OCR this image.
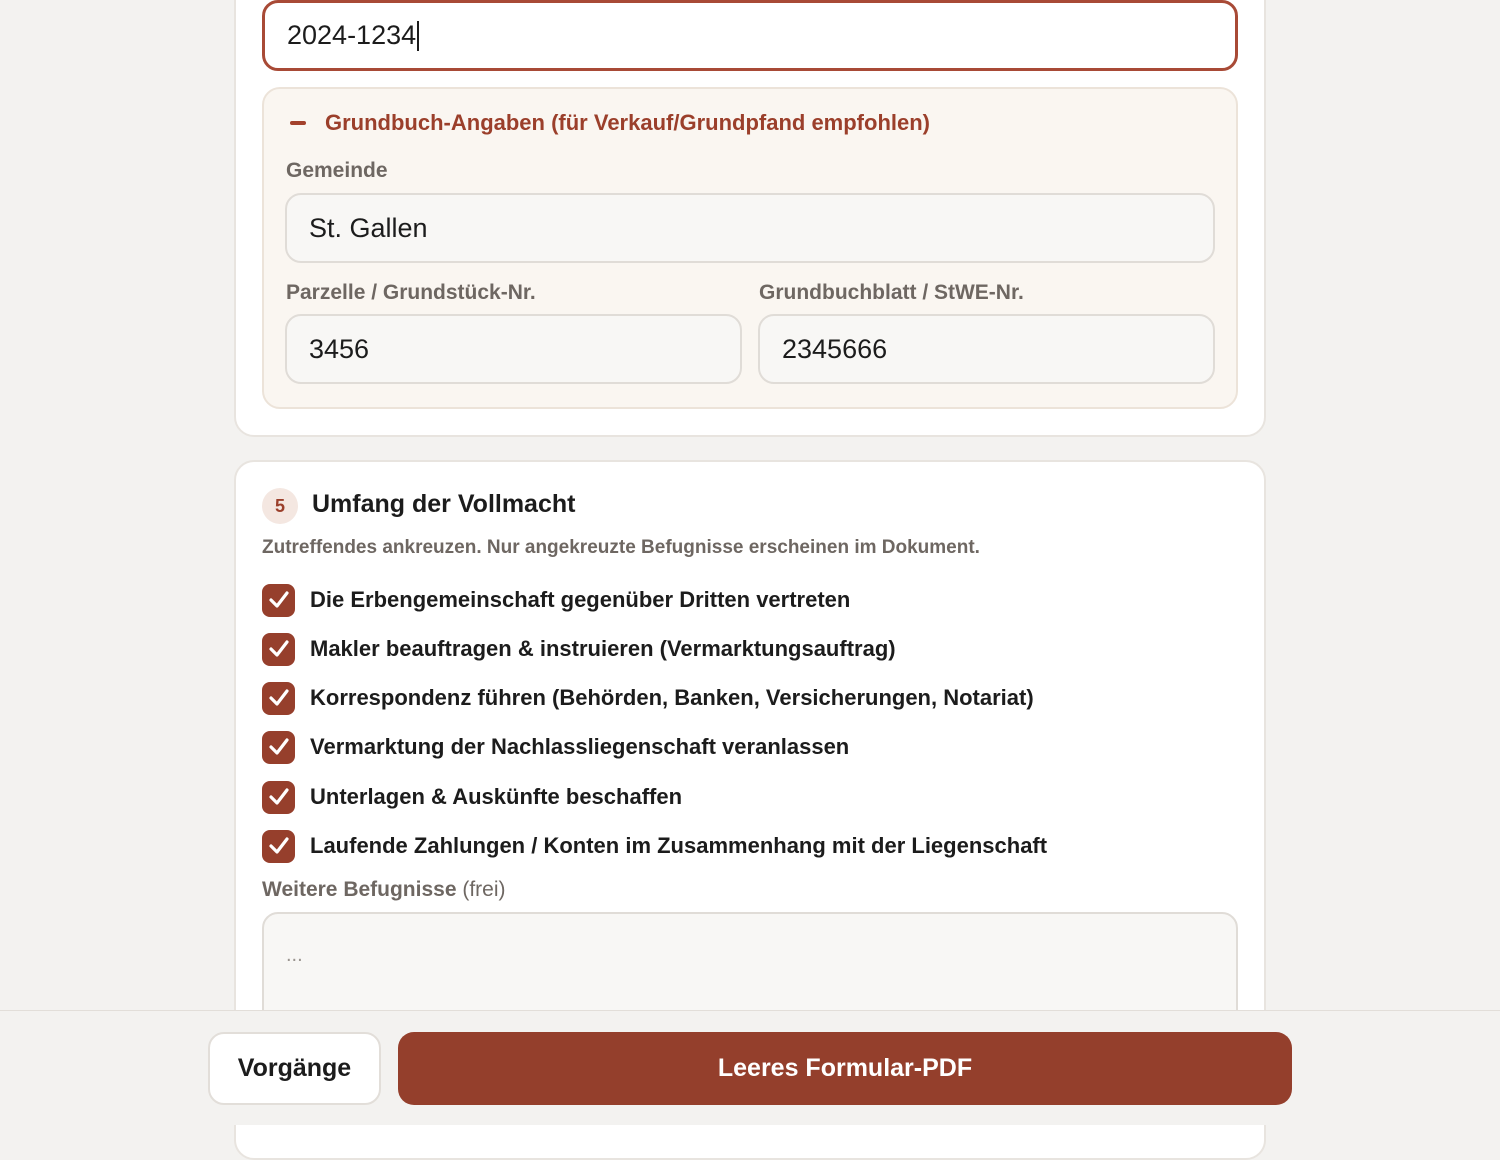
2024-1234
Grundbuch-Angaben (für Verkauf/Grundpfand empfohlen)
Gemeinde
St. Gallen
Parzelle / Grundstück-Nr.
3456
Grundbuchblatt / StWE-Nr.
2345666
5	Umfang der Vollmacht
Zutreffendes ankreuzen. Nur angekreuzte Befugnisse erscheinen im Dokument.
Die Erbengemeinschaft gegenüber Dritten vertreten
Makler beauftragen & instruieren (Vermarktungsauftrag)
Korrespondenz führen (Behörden, Banken, Versicherungen, Notariat)
Vermarktung der Nachlassliegenschaft veranlassen
Unterlagen & Auskünfte beschaffen
Laufende Zahlungen / Konten im Zusammenhang mit der Liegenschaft
Weitere Befugnisse (frei)
...
Vorgänge	Leeres Formular-PDF
